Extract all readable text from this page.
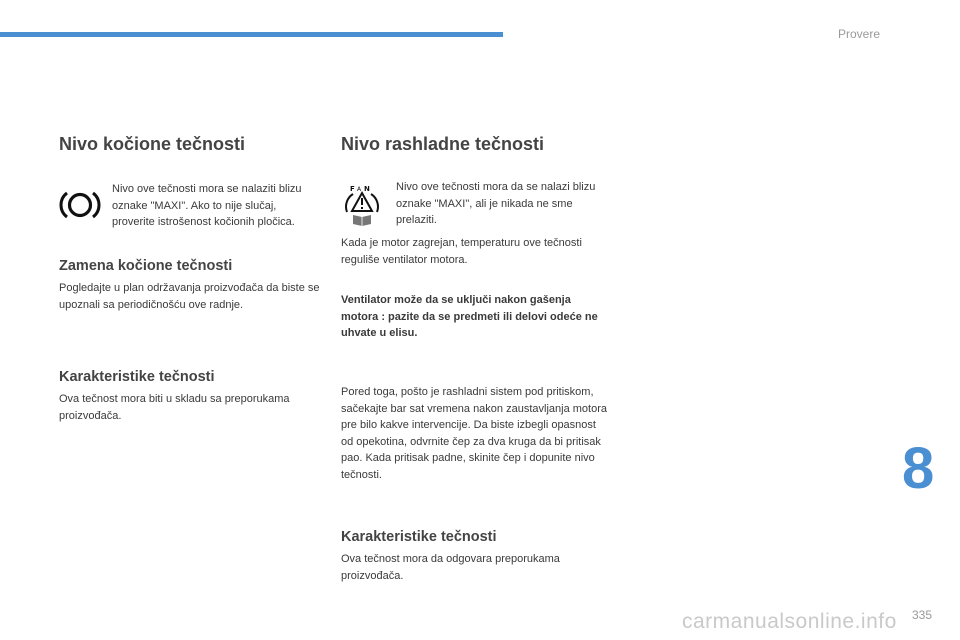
Provere
Nivo kočione tečnosti

Nivo ove tečnosti mora se nalaziti blizu oznake "MAXI". Ako to nije slučaj, proverite istrošenost kočionih pločica.

Zamena kočione tečnosti

Pogledajte u plan održavanja proizvođača da biste se upoznali sa periodičnošću ove radnje.

Karakteristike tečnosti

Ova tečnost mora biti u skladu sa preporukama proizvođača.

Nivo rashladne tečnosti
F A N Nivo ove tečnosti mora da se nalazi blizu oznake "MAXI", ali je nikada ne sme prelaziti.

Kada je motor zagrejan, temperaturu ove tečnosti reguliše ventilator motora.

Ventilator može da se uključi nakon gašenja motora : pazite da se predmeti ili delovi odeće ne uhvate u elisu.

Pored toga, pošto je rashladni sistem pod pritiskom, sačekajte bar sat vremena nakon zaustavljanja motora pre bilo kakve intervencije. Da biste izbegli opasnost od opekotina, odvrnite čep za dva kruga da bi pritisak pao. Kada pritisak padne, skinite čep i dopunite nivo tečnosti.

Karakteristike tečnosti

Ova tečnost mora da odgovara preporukama proizvođača.

8
carmanualsonline.info 335
